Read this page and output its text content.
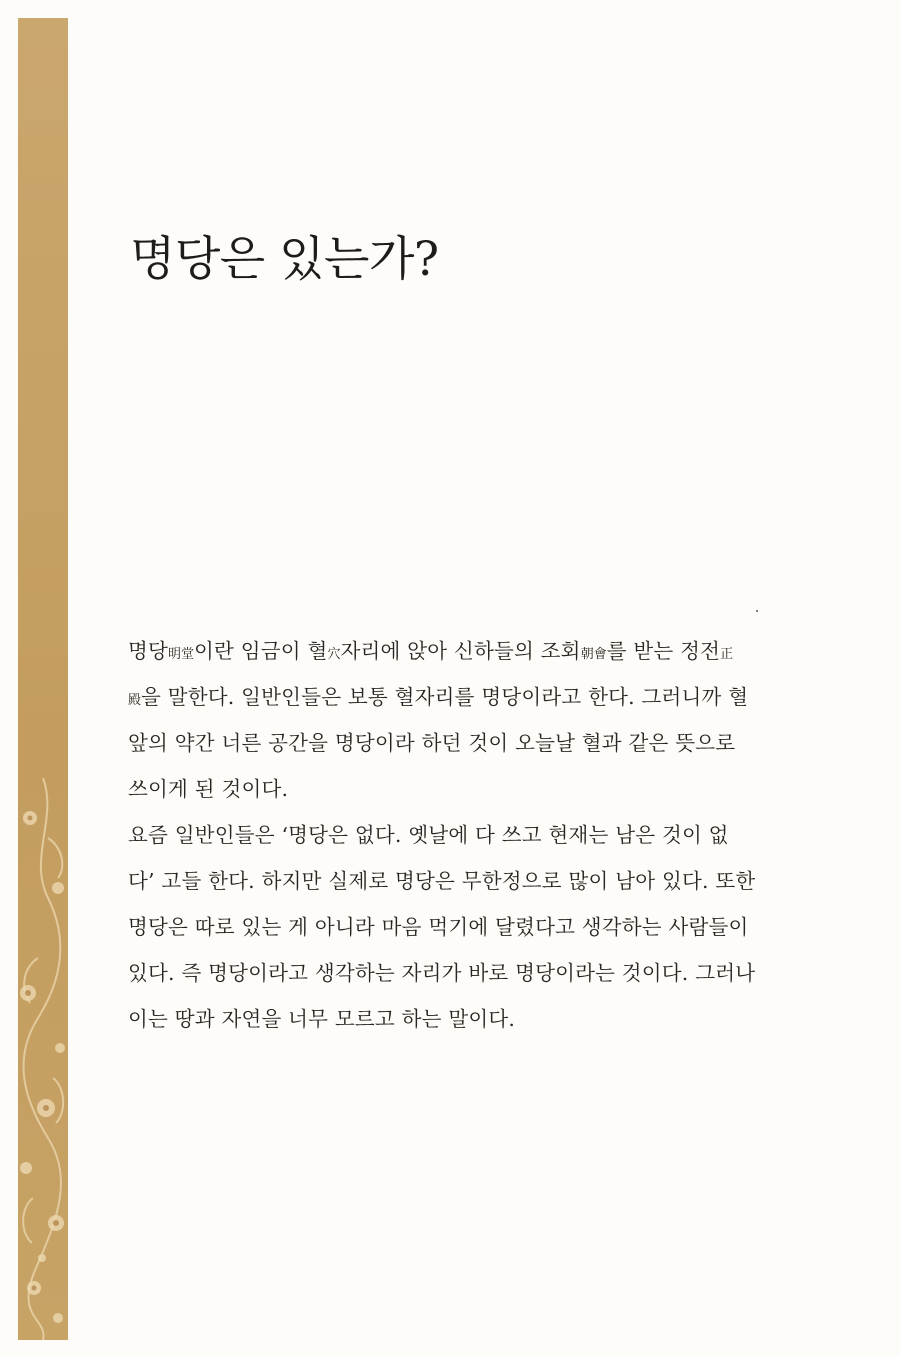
명당은 있는가?
명당明堂이란 임금이 혈穴자리에 앉아 신하들의 조회朝會를 받는 정전正
殿을 말한다. 일반인들은 보통 혈자리를 명당이라고 한다. 그러니까 혈
앞의 약간 너른 공간을 명당이라 하던 것이 오늘날 혈과 같은 뜻으로
쓰이게 된 것이다.
요즘 일반인들은 ‘명당은 없다. 옛날에 다 쓰고 현재는 남은 것이 없
다’ 고들 한다. 하지만 실제로 명당은 무한정으로 많이 남아 있다. 또한
명당은 따로 있는 게 아니라 마음 먹기에 달렸다고 생각하는 사람들이
있다. 즉 명당이라고 생각하는 자리가 바로 명당이라는 것이다. 그러나
이는 땅과 자연을 너무 모르고 하는 말이다.
